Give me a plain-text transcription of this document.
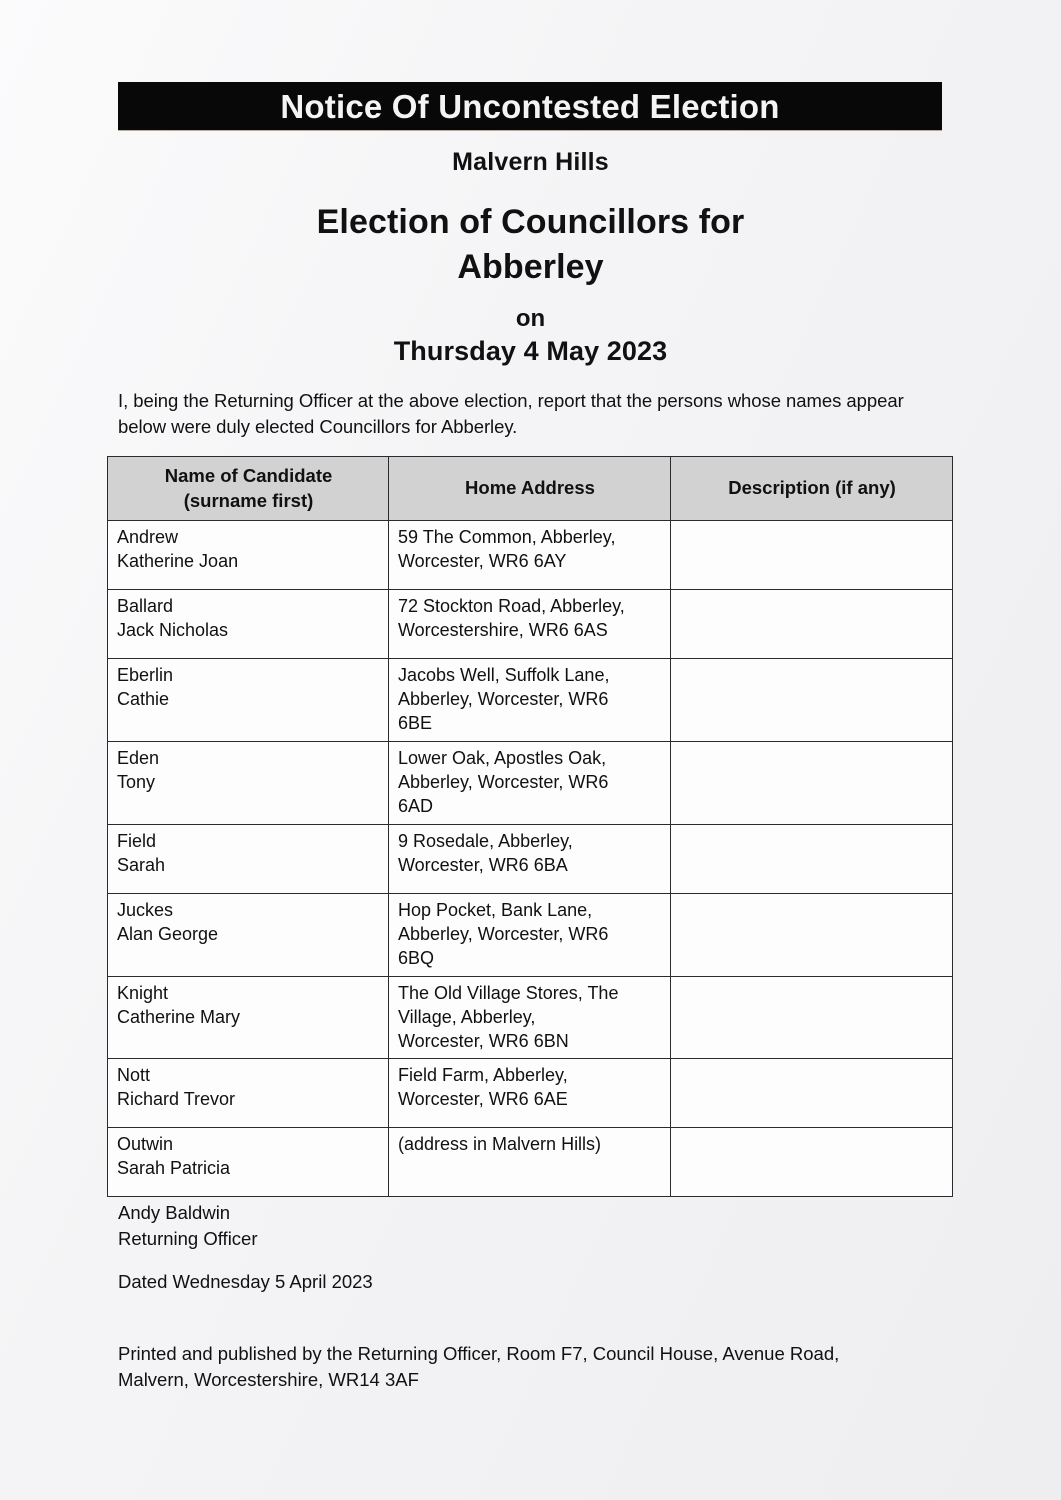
Notice Of Uncontested Election
Malvern Hills
Election of Councillors for
Abberley
on
Thursday 4 May 2023
I, being the Returning Officer at the above election, report that the persons whose names appear below were duly elected Councillors for Abberley.
Name of Candidate
(surname first)	Home Address	Description (if any)

Andrew
Katherine Joan	59 The Common, Abberley,
Worcester, WR6 6AY	

Ballard
Jack Nicholas	72 Stockton Road, Abberley,
Worcestershire, WR6 6AS	

Eberlin
Cathie	Jacobs Well, Suffolk Lane,
Abberley, Worcester, WR6
6BE	

Eden
Tony	Lower Oak, Apostles Oak,
Abberley, Worcester, WR6
6AD	

Field
Sarah	9 Rosedale, Abberley,
Worcester, WR6 6BA	

Juckes
Alan George	Hop Pocket, Bank Lane,
Abberley, Worcester, WR6
6BQ	

Knight
Catherine Mary	The Old Village Stores, The
Village, Abberley,
Worcester, WR6 6BN	

Nott
Richard Trevor	Field Farm, Abberley,
Worcester, WR6 6AE	

Outwin
Sarah Patricia	(address in Malvern Hills)	

Andy Baldwin
Returning Officer
Dated Wednesday 5 April 2023
Printed and published by the Returning Officer, Room F7, Council House, Avenue Road,
Malvern, Worcestershire, WR14 3AF
